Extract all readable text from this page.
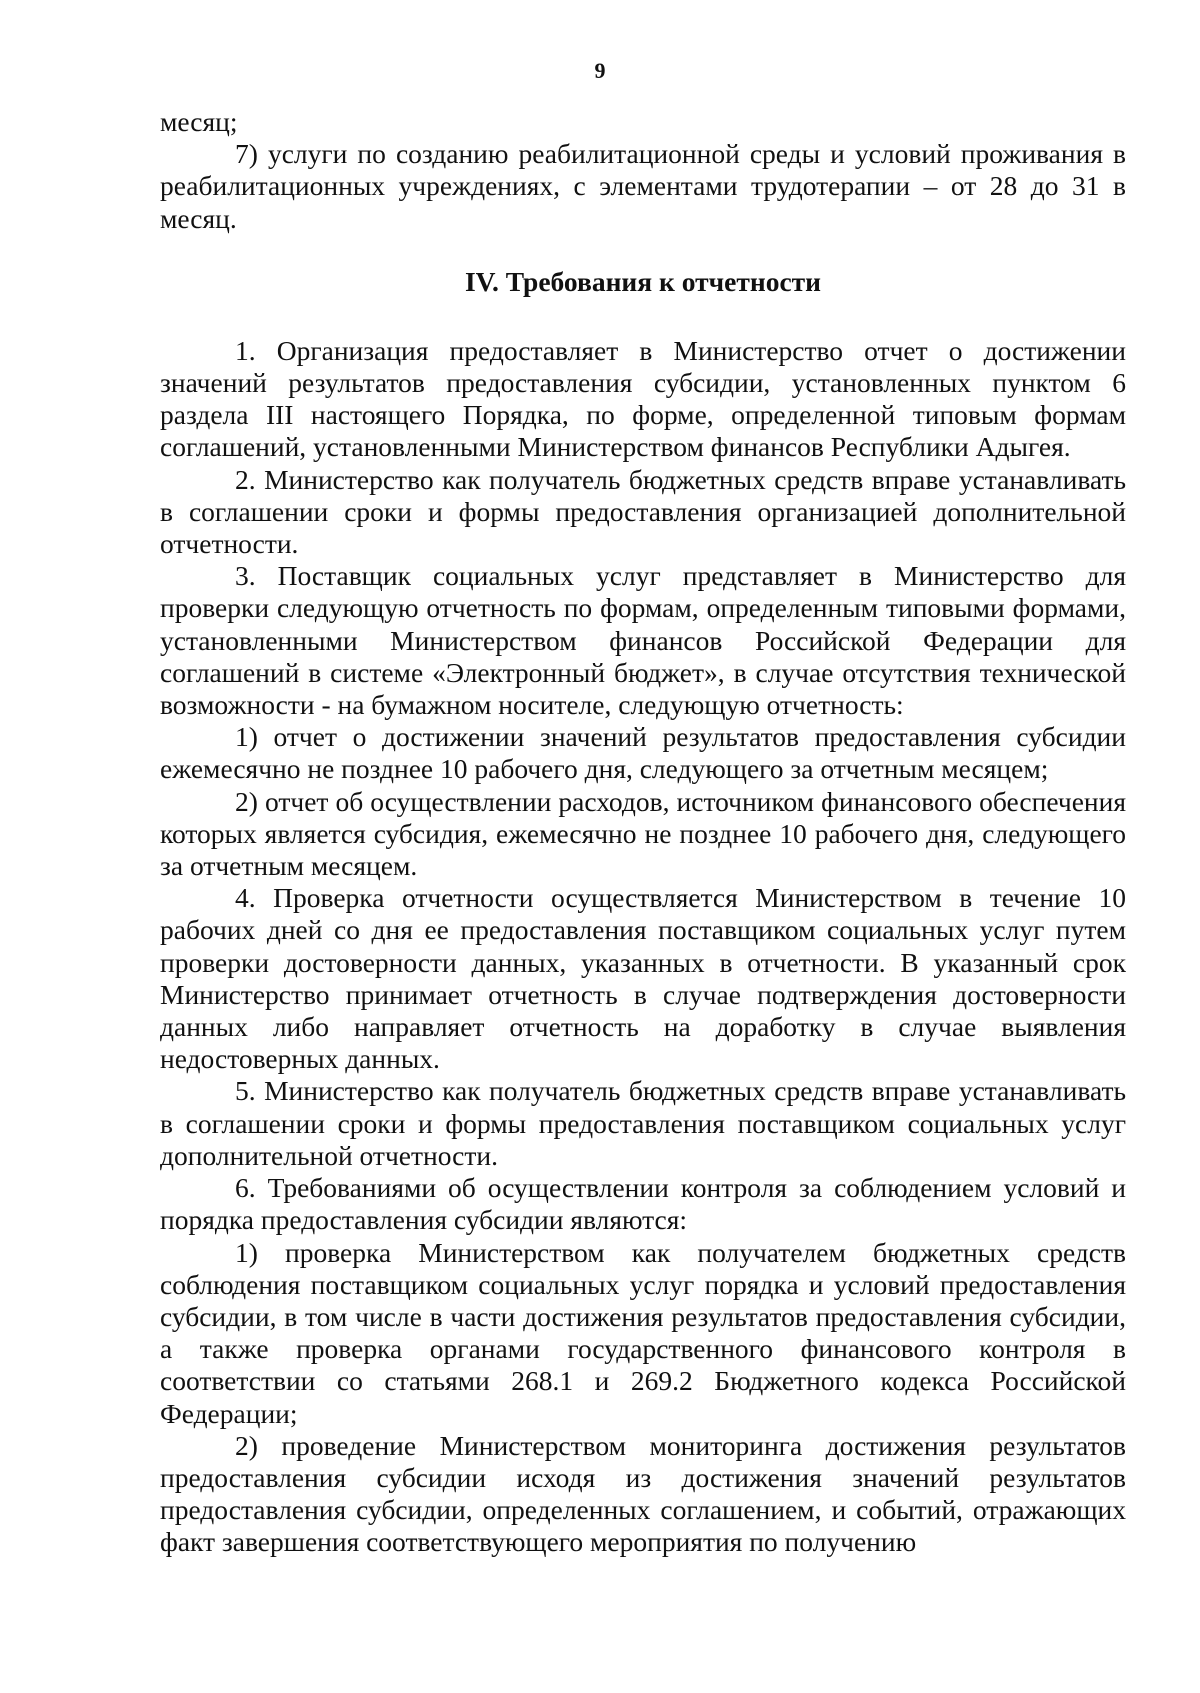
9

месяц;

7) услуги по созданию реабилитационной среды и условий проживания в реабилитационных учреждениях, с элементами трудотерапии – от 28 до 31 в месяц.

IV. Требования к отчетности

1. Организация предоставляет в Министерство отчет о достижении значений результатов предоставления субсидии, установленных пунктом 6 раздела III настоящего Порядка, по форме, определенной типовым формам соглашений, установленными Министерством финансов Республики Адыгея.

2. Министерство как получатель бюджетных средств вправе устанавливать в соглашении сроки и формы предоставления организацией дополнительной отчетности.

3. Поставщик социальных услуг представляет в Министерство для проверки следующую отчетность по формам, определенным типовыми формами, установленными Министерством финансов Российской Федерации для соглашений в системе «Электронный бюджет», в случае отсутствия технической возможности - на бумажном носителе, следующую отчетность:

1) отчет о достижении значений результатов предоставления субсидии ежемесячно не позднее 10 рабочего дня, следующего за отчетным месяцем;

2) отчет об осуществлении расходов, источником финансового обеспечения которых является субсидия, ежемесячно не позднее 10 рабочего дня, следующего за отчетным месяцем.

4. Проверка отчетности осуществляется Министерством в течение 10 рабочих дней со дня ее предоставления поставщиком социальных услуг путем проверки достоверности данных, указанных в отчетности. В указанный срок Министерство принимает отчетность в случае подтверждения достоверности данных либо направляет отчетность на доработку в случае выявления недостоверных данных.

5. Министерство как получатель бюджетных средств вправе устанавливать в соглашении сроки и формы предоставления поставщиком социальных услуг дополнительной отчетности.

6. Требованиями об осуществлении контроля за соблюдением условий и порядка предоставления субсидии являются:

1) проверка Министерством как получателем бюджетных средств соблюдения поставщиком социальных услуг порядка и условий предоставления субсидии, в том числе в части достижения результатов предоставления субсидии, а также проверка органами государственного финансового контроля в соответствии со статьями 268.1 и 269.2 Бюджетного кодекса Российской Федерации;

2) проведение Министерством мониторинга достижения результатов предоставления субсидии исходя из достижения значений результатов предоставления субсидии, определенных соглашением, и событий, отражающих факт завершения соответствующего мероприятия по получению
